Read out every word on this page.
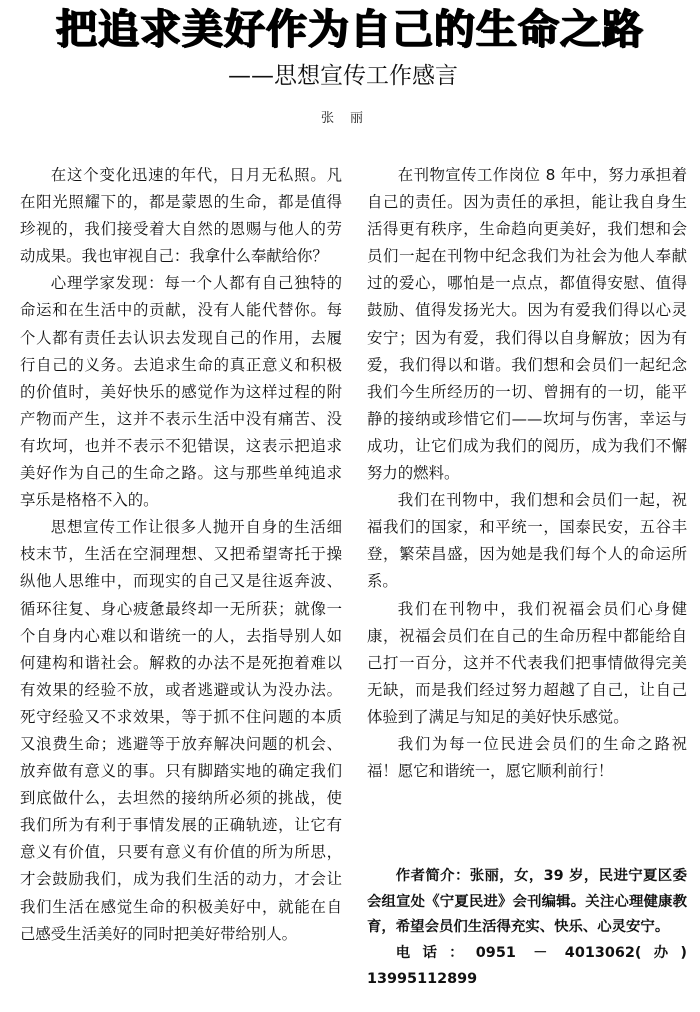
把追求美好作为自己的生命之路
——思想宣传工作感言
张丽

在这个变化迅速的年代，日月无私照。凡在阳光照耀下的，都是蒙恩的生命，都是值得珍视的，我们接受着大自然的恩赐与他人的劳动成果。我也审视自己：我拿什么奉献给你？

心理学家发现：每一个人都有自己独特的命运和在生活中的贡献，没有人能代替你。每个人都有责任去认识去发现自己的作用，去履行自己的义务。去追求生命的真正意义和积极的价值时，美好快乐的感觉作为这样过程的附产物而产生，这并不表示生活中没有痛苦、没有坎坷，也并不表示不犯错误，这表示把追求美好作为自己的生命之路。这与那些单纯追求享乐是格格不入的。

思想宣传工作让很多人抛开自身的生活细枝末节，生活在空洞理想、又把希望寄托于操纵他人思维中，而现实的自己又是往返奔波、循环往复、身心疲惫最终却一无所获；就像一个自身内心难以和谐统一的人，去指导别人如何建构和谐社会。解救的办法不是死抱着难以有效果的经验不放，或者逃避或认为没办法。死守经验又不求效果，等于抓不住问题的本质又浪费生命；逃避等于放弃解决问题的机会、放弃做有意义的事。只有脚踏实地的确定我们到底做什么，去坦然的接纳所必须的挑战，使我们所为有利于事情发展的正确轨迹，让它有意义有价值，只要有意义有价值的所为所思，才会鼓励我们，成为我们生活的动力，才会让我们生活在感觉生命的积极美好中，就能在自己感受生活美好的同时把美好带给别人。

在刊物宣传工作岗位 8 年中，努力承担着自己的责任。因为责任的承担，能让我自身生活得更有秩序，生命趋向更美好，我们想和会员们一起在刊物中纪念我们为社会为他人奉献过的爱心，哪怕是一点点，都值得安慰、值得鼓励、值得发扬光大。因为有爱我们得以心灵安宁；因为有爱，我们得以自身解放；因为有爱，我们得以和谐。我们想和会员们一起纪念我们今生所经历的一切、曾拥有的一切，能平静的接纳或珍惜它们——坎坷与伤害，幸运与成功，让它们成为我们的阅历，成为我们不懈努力的燃料。

我们在刊物中，我们想和会员们一起，祝福我们的国家，和平统一，国泰民安，五谷丰登，繁荣昌盛，因为她是我们每个人的命运所系。

我们在刊物中，我们祝福会员们心身健康，祝福会员们在自己的生命历程中都能给自己打一百分，这并不代表我们把事情做得完美无缺，而是我们经过努力超越了自己，让自己体验到了满足与知足的美好快乐感觉。

我们为每一位民进会员们的生命之路祝福！愿它和谐统一，愿它顺利前行！

作者简介：张丽，女，39 岁，民进宁夏区委会组宣处《宁夏民进》会刊编辑。关注心理健康教育，希望会员们生活得充实、快乐、心灵安宁。

电话：0951 － 4013062(办) 13995112899
